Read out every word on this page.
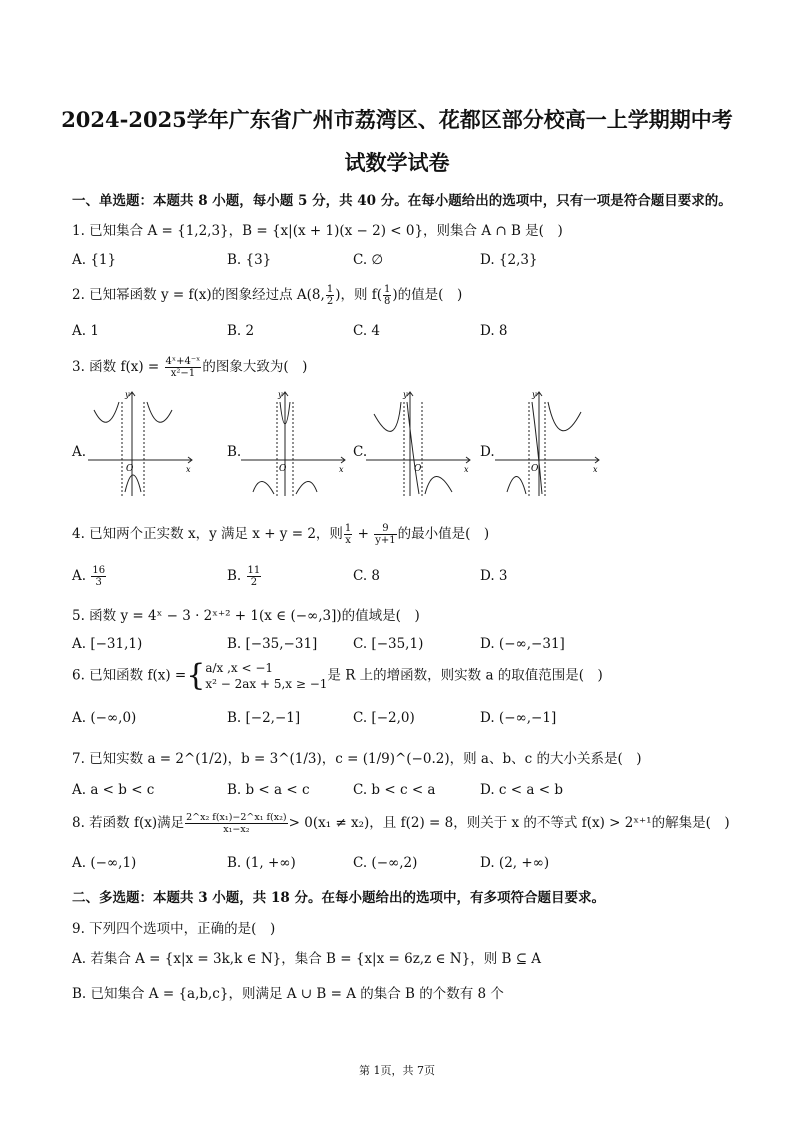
2024-2025学年广东省广州市荔湾区、花都区部分校高一上学期期中考
试数学试卷
一、单选题：本题共 8 小题，每小题 5 分，共 40 分。在每小题给出的选项中，只有一项是符合题目要求的。
1. 已知集合 A = {1,2,3}，B = {x|(x + 1)(x − 2) < 0}，则集合 A ∩ B 是(　)
A. {1}	B. {3}	C. ∅	D. {2,3}
2. 已知幂函数 y = f(x)的图象经过点 A(8, $\frac{1}{2}$ )，则 $f( \frac{1}{8}$ )的值是(　)
A. 1	B. 2	C. 4	D. 8
3. 函数 $f(x) = \frac{\text{4ˣ+4⁻ˣ}}{\text{x²−1}}$ 的图象大致为(　)
A.	B.	C.	D.
O	x
y
O	x
y
O	x
y
O	x
y
4. 已知两个正实数 x，y 满足 x + y = 2，则 $\frac{1}{x} + \frac{9}{y+1}$ 的最小值是(　)
A. $\frac{16}{3}$	B. $\frac{11}{2}$	C. 8	D. 3
5. 函数 y = 4ˣ − 3 · 2ˣ⁺² + 1(x ∈ (−∞,3])的值域是(　)
A. [−31,1)	B. [−35,−31]	C. [−35,1)	D. (−∞,−31]
6. 已知函数 f(x) ={ a/x ,x < −1
x² − 2ax + 5,x ≥ −1
是 R 上的增函数，则实数 a 的取值范围是(　)
A. (−∞,0)	B. [−2,−1]	C. [−2,0)	D. (−∞,−1]
7. 已知实数 a = 2^(1/2)，b = 3^(1/3)，c = (1/9)^(−0.2)，则 a、b、c 的大小关系是(　)
A. a < b < c	B. b < a < c	C. b < c < a	D. c < a < b
8. 若函数 f(x)满足 $\frac{\text{2\textasciicircum{}x₂ f(x₁)−2\textasciicircum{}x₁ f(x₂)}}{\text{x₁−x₂}} > 0(x_1 \ne x_2)$，且 f(2) = 8，则关于 x 的不等式 f(x) > 2ˣ⁺¹的解集是(　)
A. (−∞,1)	B. (1, +∞)	C. (−∞,2)	D. (2, +∞)
二、多选题：本题共 3 小题，共 18 分。在每小题给出的选项中，有多项符合题目要求。
9. 下列四个选项中，正确的是(　)
A. 若集合 A = {x|x = 3k,k ∈ N}，集合 B = {x|x = 6z,z ∈ N}，则 B ⊆ A
B. 已知集合 A = {a,b,c}，则满足 A ∪ B = A 的集合 B 的个数有 8 个
第 1页，共 7页
